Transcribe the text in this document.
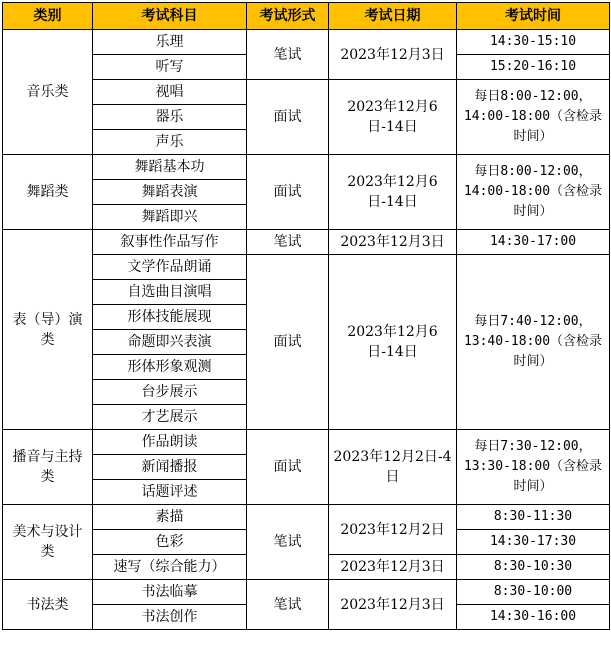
类别	考试科目	考试形式	考试日期	考试时间
音乐类	乐理	笔试	2023年12月3日	14:30-15:10
	听写			15:20-16:10
	视唱	面试	2023年12月6日-14日	每日8:00-12:00，14:00-18:00（含检录时间）
	器乐			
	声乐			
舞蹈类	舞蹈基本功	面试	2023年12月6日-14日	每日8:00-12:00，14:00-18:00（含检录时间）
	舞蹈表演			
	舞蹈即兴			
表（导）演类	叙事性作品写作	笔试	2023年12月3日	14:30-17:00
	文学作品朗诵	面试	2023年12月6日-14日	每日7:40-12:00，13:40-18:00（含检录时间）
	自选曲目演唱			
	形体技能展现			
	命题即兴表演			
	形体形象观测			
	台步展示			
	才艺展示			
播音与主持类	作品朗读	面试	2023年12月2日-4日	每日7:30-12:00，13:30-18:00（含检录时间）
	新闻播报			
	话题评述			
美术与设计类	素描	笔试	2023年12月2日	8:30-11:30
	色彩			14:30-17:30
	速写（综合能力）		2023年12月3日	8:30-10:30
书法类	书法临摹	笔试	2023年12月3日	8:30-10:00
	书法创作			14:30-16:00
